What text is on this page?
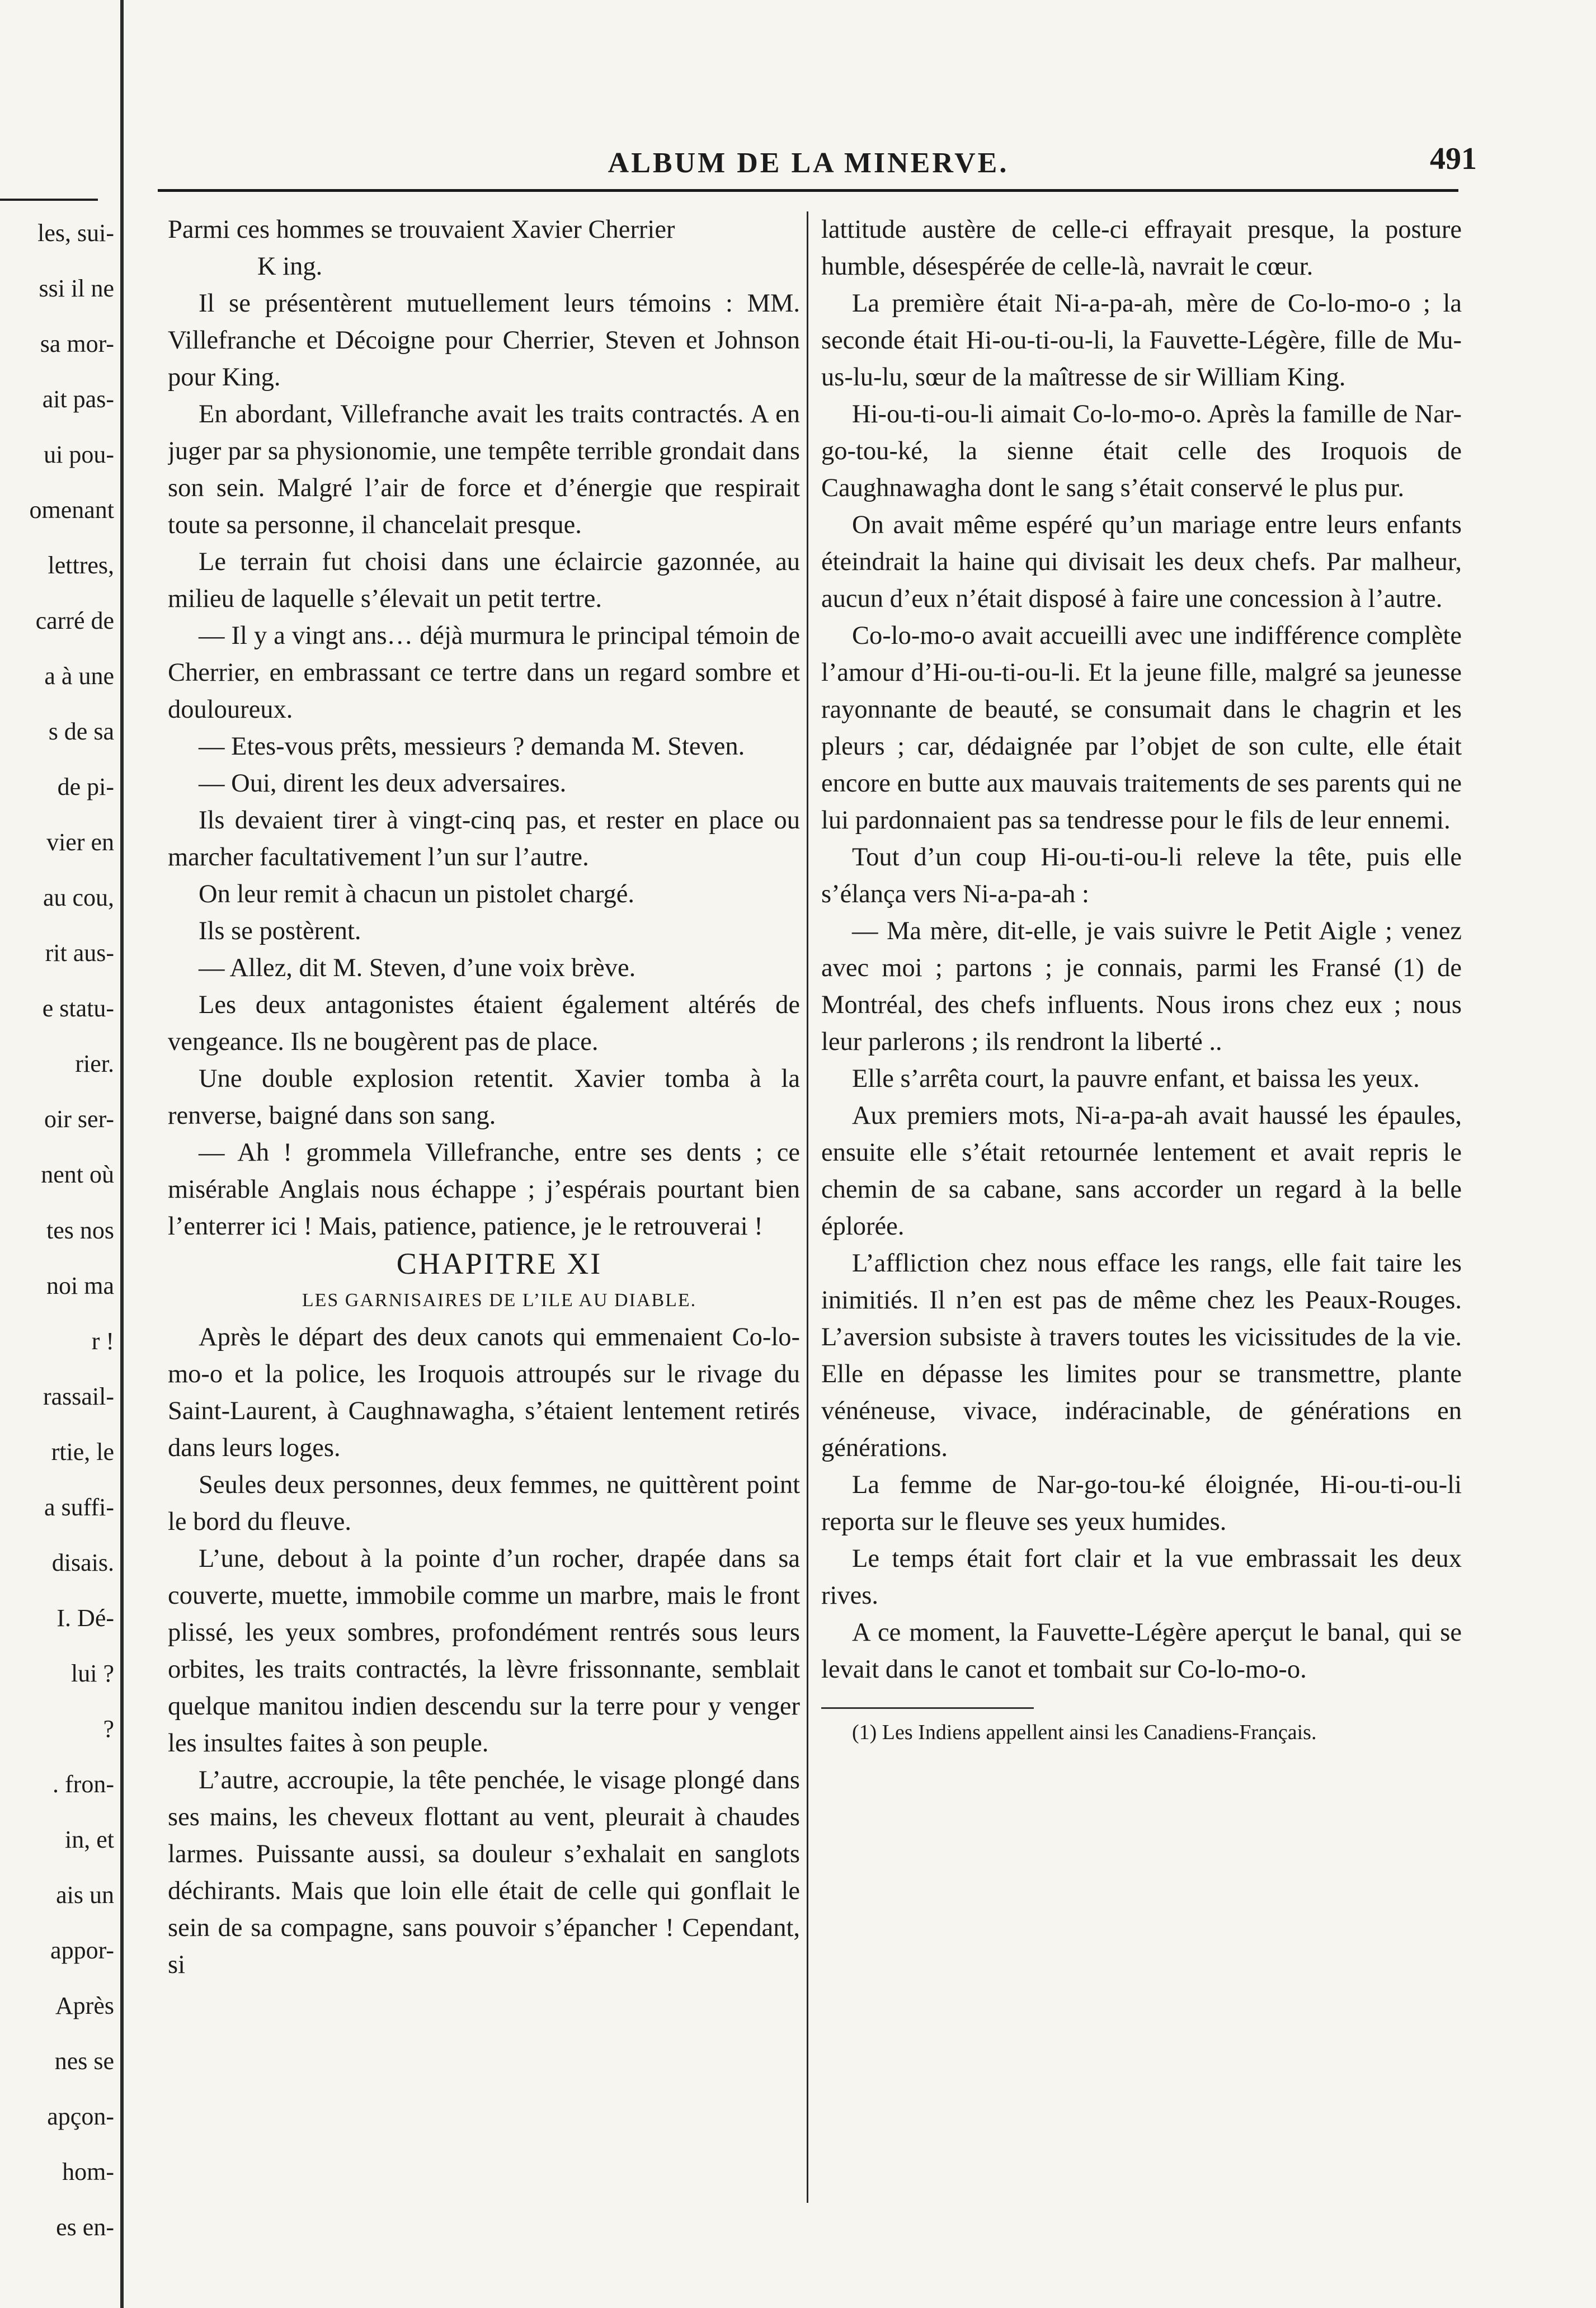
les, sui-
ssi il ne
sa mor-
ait pas-
ui pou-
omenant
lettres,
carré de
a à une
s de sa
de pi-
vier en
au cou,
rit aus-
e statu-
rier.
oir ser-
nent où
tes nos
noi ma
r !
rassail-
rtie, le
a suffi-
disais.
I. Dé-
lui ?
?
. fron-
in, et
ais un
appor-
Après
nes se
apçon-
hom-
es en-
ALBUM DE LA MINERVE.	491

Parmi ces hommes se trouvaient Xavier Cherrier

K ing.

Il se présentèrent mutuellement leurs témoins : MM. Villefranche et Décoigne pour Cherrier, Steven et Johnson pour King.

En abordant, Villefranche avait les traits contractés. A en juger par sa physionomie, une tempête terrible grondait dans son sein. Malgré l’air de force et d’énergie que respirait toute sa personne, il chancelait presque.

Le terrain fut choisi dans une éclaircie gazonnée, au milieu de laquelle s’élevait un petit tertre.

— Il y a vingt ans… déjà murmura le principal témoin de Cherrier, en embrassant ce tertre dans un regard sombre et douloureux.

— Etes-vous prêts, messieurs ? demanda M. Steven.

— Oui, dirent les deux adversaires.

Ils devaient tirer à vingt-cinq pas, et rester en place ou marcher facultativement l’un sur l’autre.

On leur remit à chacun un pistolet chargé.

Ils se postèrent.

— Allez, dit M. Steven, d’une voix brève.

Les deux antagonistes étaient également altérés de vengeance. Ils ne bougèrent pas de place.

Une double explosion retentit. Xavier tomba à la renverse, baigné dans son sang.

— Ah ! grommela Villefranche, entre ses dents ; ce misérable Anglais nous échappe ; j’espérais pourtant bien l’enterrer ici ! Mais, patience, patience, je le retrouverai !

CHAPITRE XI

LES GARNISAIRES DE L’ILE AU DIABLE.

Après le départ des deux canots qui emmenaient Co-lo-mo-o et la police, les Iroquois attroupés sur le rivage du Saint-Laurent, à Caughnawagha, s’étaient lentement retirés dans leurs loges.

Seules deux personnes, deux femmes, ne quittèrent point le bord du fleuve.

L’une, debout à la pointe d’un rocher, drapée dans sa couverte, muette, immobile comme un marbre, mais le front plissé, les yeux sombres, profondément rentrés sous leurs orbites, les traits contractés, la lèvre frissonnante, semblait quelque manitou indien descendu sur la terre pour y venger les insultes faites à son peuple.

L’autre, accroupie, la tête penchée, le visage plongé dans ses mains, les cheveux flottant au vent, pleurait à chaudes larmes. Puissante aussi, sa douleur s’exhalait en sanglots déchirants. Mais que loin elle était de celle qui gonflait le sein de sa compagne, sans pouvoir s’épancher ! Cependant, si

lattitude austère de celle-ci effrayait presque, la posture humble, désespérée de celle-là, navrait le cœur.

La première était Ni-a-pa-ah, mère de Co-lo-mo-o ; la seconde était Hi-ou-ti-ou-li, la Fauvette-Légère, fille de Mu-us-lu-lu, sœur de la maîtresse de sir William King.

Hi-ou-ti-ou-li aimait Co-lo-mo-o. Après la famille de Nar-go-tou-ké, la sienne était celle des Iroquois de Caughnawagha dont le sang s’était conservé le plus pur.

On avait même espéré qu’un mariage entre leurs enfants éteindrait la haine qui divisait les deux chefs. Par malheur, aucun d’eux n’était disposé à faire une concession à l’autre.

Co-lo-mo-o avait accueilli avec une indifférence complète l’amour d’Hi-ou-ti-ou-li. Et la jeune fille, malgré sa jeunesse rayonnante de beauté, se consumait dans le chagrin et les pleurs ; car, dédaignée par l’objet de son culte, elle était encore en butte aux mauvais traitements de ses parents qui ne lui pardonnaient pas sa tendresse pour le fils de leur ennemi.

Tout d’un coup Hi-ou-ti-ou-li releve la tête, puis elle s’élança vers Ni-a-pa-ah :

— Ma mère, dit-elle, je vais suivre le Petit Aigle ; venez avec moi ; partons ; je connais, parmi les Fransé (1) de Montréal, des chefs influents. Nous irons chez eux ; nous leur parlerons ; ils rendront la liberté ..

Elle s’arrêta court, la pauvre enfant, et baissa les yeux.

Aux premiers mots, Ni-a-pa-ah avait haussé les épaules, ensuite elle s’était retournée lentement et avait repris le chemin de sa cabane, sans accorder un regard à la belle éplorée.

L’affliction chez nous efface les rangs, elle fait taire les inimitiés. Il n’en est pas de même chez les Peaux-Rouges. L’aversion subsiste à travers toutes les vicissitudes de la vie. Elle en dépasse les limites pour se transmettre, plante vénéneuse, vivace, indéracinable, de générations en générations.

La femme de Nar-go-tou-ké éloignée, Hi-ou-ti-ou-li reporta sur le fleuve ses yeux humides.

Le temps était fort clair et la vue embrassait les deux rives.

A ce moment, la Fauvette-Légère aperçut le banal, qui se levait dans le canot et tombait sur Co-lo-mo-o.

(1) Les Indiens appellent ainsi les Canadiens-Français.
